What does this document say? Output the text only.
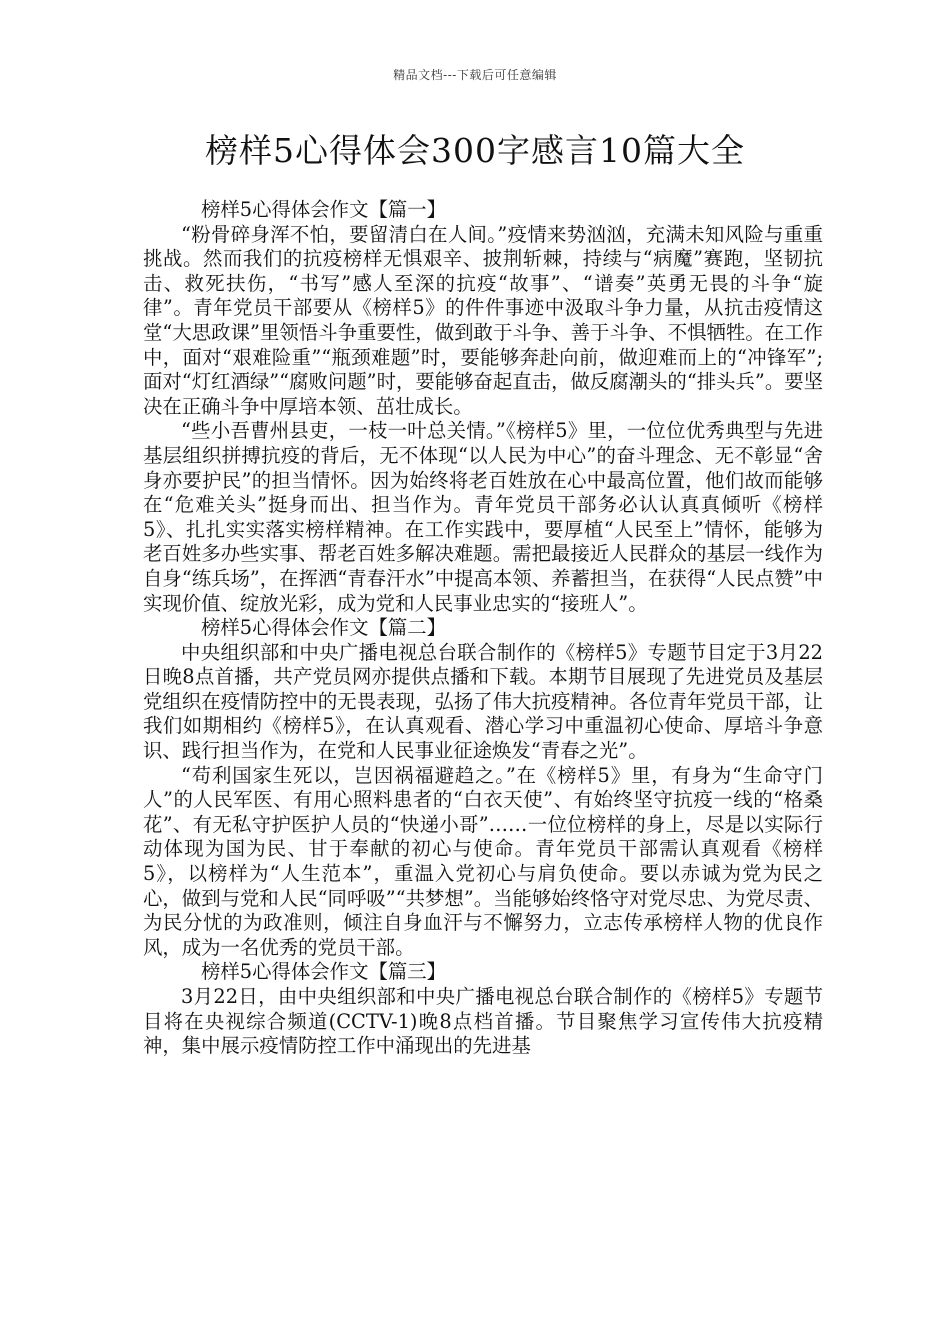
精品文档---下载后可任意编辑
榜样5心得体会300字感言10篇大全
榜样5心得体会作文【篇一】

“粉骨碎身浑不怕，要留清白在人间。”疫情来势汹汹，充满未知风险与重重挑战。然而我们的抗疫榜样无惧艰辛、披荆斩棘，持续与“病魔”赛跑，坚韧抗击、救死扶伤，“书写”感人至深的抗疫“故事”、“谱奏”英勇无畏的斗争“旋律”。青年党员干部要从《榜样5》的件件事迹中汲取斗争力量，从抗击疫情这堂“大思政课”里领悟斗争重要性，做到敢于斗争、善于斗争、不惧牺牲。在工作中，面对“艰难险重”“瓶颈难题”时，要能够奔赴向前，做迎难而上的“冲锋军”;面对“灯红酒绿”“腐败问题”时，要能够奋起直击，做反腐潮头的“排头兵”。要坚决在正确斗争中厚培本领、茁壮成长。

“些小吾曹州县吏，一枝一叶总关情。”《榜样5》里，一位位优秀典型与先进基层组织拼搏抗疫的背后，无不体现“以人民为中心”的奋斗理念、无不彰显“舍身亦要护民”的担当情怀。因为始终将老百姓放在心中最高位置，他们故而能够在“危难关头”挺身而出、担当作为。青年党员干部务必认认真真倾听《榜样5》、扎扎实实落实榜样精神。在工作实践中，要厚植“人民至上”情怀，能够为老百姓多办些实事、帮老百姓多解决难题。需把最接近人民群众的基层一线作为自身“练兵场”，在挥洒“青春汗水”中提高本领、养蓄担当，在获得“人民点赞”中实现价值、绽放光彩，成为党和人民事业忠实的“接班人”。

榜样5心得体会作文【篇二】

中央组织部和中央广播电视总台联合制作的《榜样5》专题节目定于3月22日晚8点首播，共产党员网亦提供点播和下载。本期节目展现了先进党员及基层党组织在疫情防控中的无畏表现，弘扬了伟大抗疫精神。各位青年党员干部，让我们如期相约《榜样5》，在认真观看、潜心学习中重温初心使命、厚培斗争意识、践行担当作为，在党和人民事业征途焕发“青春之光”。

“苟利国家生死以，岂因祸福避趋之。”在《榜样5》里，有身为“生命守门人”的人民军医、有用心照料患者的“白衣天使”、有始终坚守抗疫一线的“格桑花”、有无私守护医护人员的“快递小哥”……一位位榜样的身上，尽是以实际行动体现为国为民、甘于奉献的初心与使命。青年党员干部需认真观看《榜样5》，以榜样为“人生范本”，重温入党初心与肩负使命。要以赤诚为党为民之心，做到与党和人民“同呼吸”“共梦想”。当能够始终恪守对党尽忠、为党尽责、为民分忧的为政准则，倾注自身血汗与不懈努力，立志传承榜样人物的优良作风，成为一名优秀的党员干部。

榜样5心得体会作文【篇三】

3月22日，由中央组织部和中央广播电视总台联合制作的《榜样5》专题节目将在央视综合频道(CCTV-1)晚8点档首播。节目聚焦学习宣传伟大抗疫精神，集中展示疫情防控工作中涌现出的先进基
